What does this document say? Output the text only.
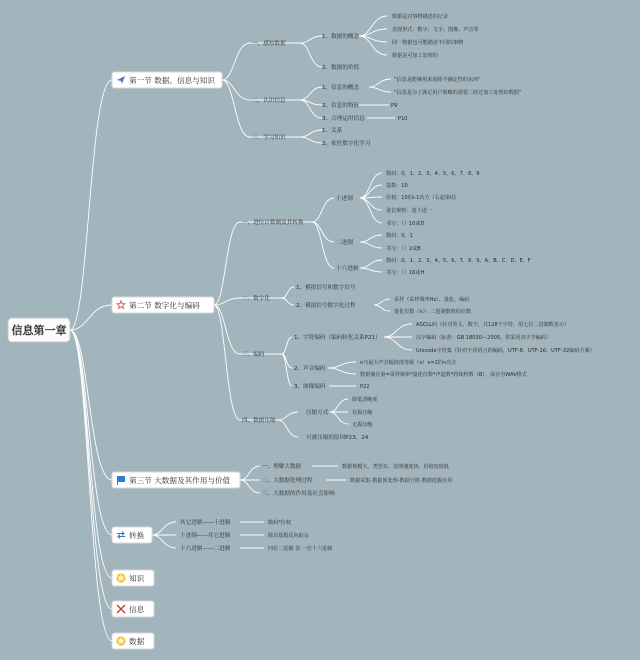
一、感知数据
1、数据的概念
数据是对事物描述的记录
表现形式：数字、文字、图像、声音等
同一数据也可能描述不同的事物
数据是可加工处理的
2、数据的价值
二、认识信息
1、信息的概念
“信息是能够用来消除不确定性的东西”
“信息是为了满足用户策略的需要二经过加工处理的数据”
2、信息的特征	P9
3、合理运用信息	P10
三、学习知识
1、关系
2、依托数字化学习
一、进位计数制及其转换
十进制
数码：0、1、2、3、4、5、6、7、8、9
基数：10
位权：10的i-1次方（右起第i位
进位规则：逢十进一
书写：（）10或D
二进制
数码：0、1
书写：（）2或B
十六进制
数码：0、1、2、3、4、5、6、7、8、9、A、B、C、D、E、F
书写：（）16或H
二、数字化
1、模拟信号和数字信号
2、模拟信号数字化过程
采样（采样频率Hz）、量化、编码
量化位数（n）：二进制数值的位数
三、编码
1、字符编码（编码转化关系P21）
ASCLL码（针对英文、数字，共128个字符，用七位二进制数表示）
汉字编码（标准：GB 18030—2005，常采用双字节编码）
Unicode字符集（针对不同语言的编码，UTF-8、UTF-16、UTF-32编码方案）
2、声音编码
n与最大声音幅度值等级（x）x=2的n次方
数据储存量=采样频率*量化位数*声道数*持续秒数（B），保存为WAV格式
3、图像编码	P22
四、数据压缩
压缩方式
降低清晰度
有损压缩
无损压缩
可被压缩的原因P23、24
一、理解大数据	数据规模大、类型多、处理速度快、价值密度低
二、大数据处理过程	数据采集-数据预处理-数据分析-数据挖掘应用
三、大数据的作用及社会影响
其它进制——十进制	数码*位权
十进制——其它进制	除以基数反向取余
十六进制——二进制	四位二进制 表 一位十六进制
信息第一章
第一节 数据、信息与知识
第二节 数字化与编码
第三节 大数据及其作用与价值
转换
知识
信息
数据
